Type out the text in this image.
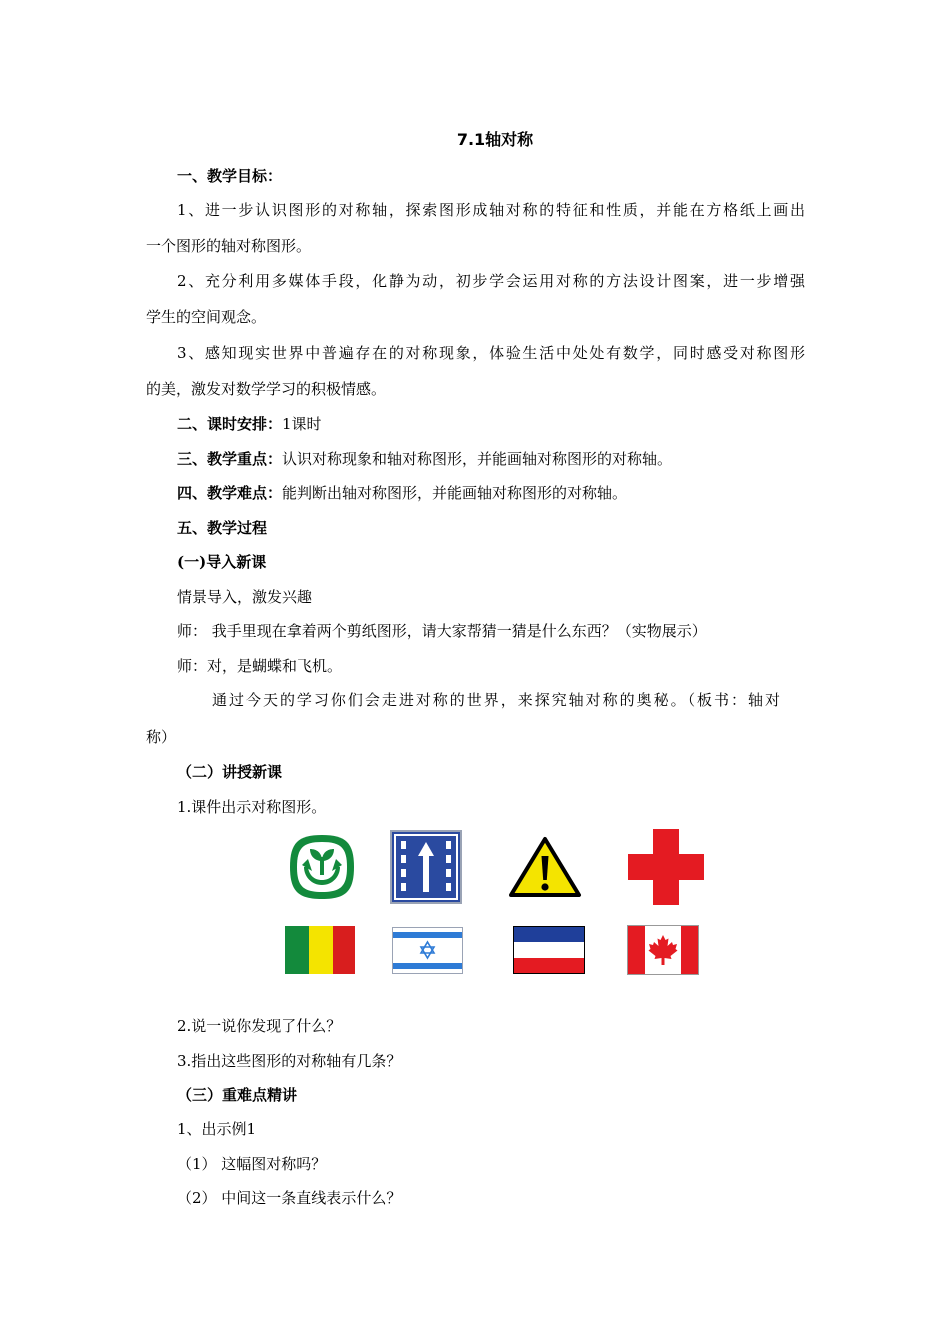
7.1轴对称
一、教学目标：
1、进一步认识图形的对称轴，探索图形成轴对称的特征和性质，并能在方格纸上画出
一个图形的轴对称图形。
2、充分利用多媒体手段，化静为动，初步学会运用对称的方法设计图案，进一步增强
学生的空间观念。
3、感知现实世界中普遍存在的对称现象，体验生活中处处有数学，同时感受对称图形
的美，激发对数学学习的积极情感。
二、课时安排：1课时
三、教学重点：认识对称现象和轴对称图形，并能画轴对称图形的对称轴。
四、教学难点：能判断出轴对称图形，并能画轴对称图形的对称轴。
五、教学过程
(一)导入新课
情景导入，激发兴趣
师： 我手里现在拿着两个剪纸图形，请大家帮猜一猜是什么东西？（实物展示）
师：对，是蝴蝶和飞机。
通过今天的学习你们会走进对称的世界，来探究轴对称的奥秘。（板书：轴对
称）
（二）讲授新课
1.课件出示对称图形。
2.说一说你发现了什么？
3.指出这些图形的对称轴有几条？
（三）重难点精讲
1、出示例1
（1） 这幅图对称吗？
（2） 中间这一条直线表示什么？
